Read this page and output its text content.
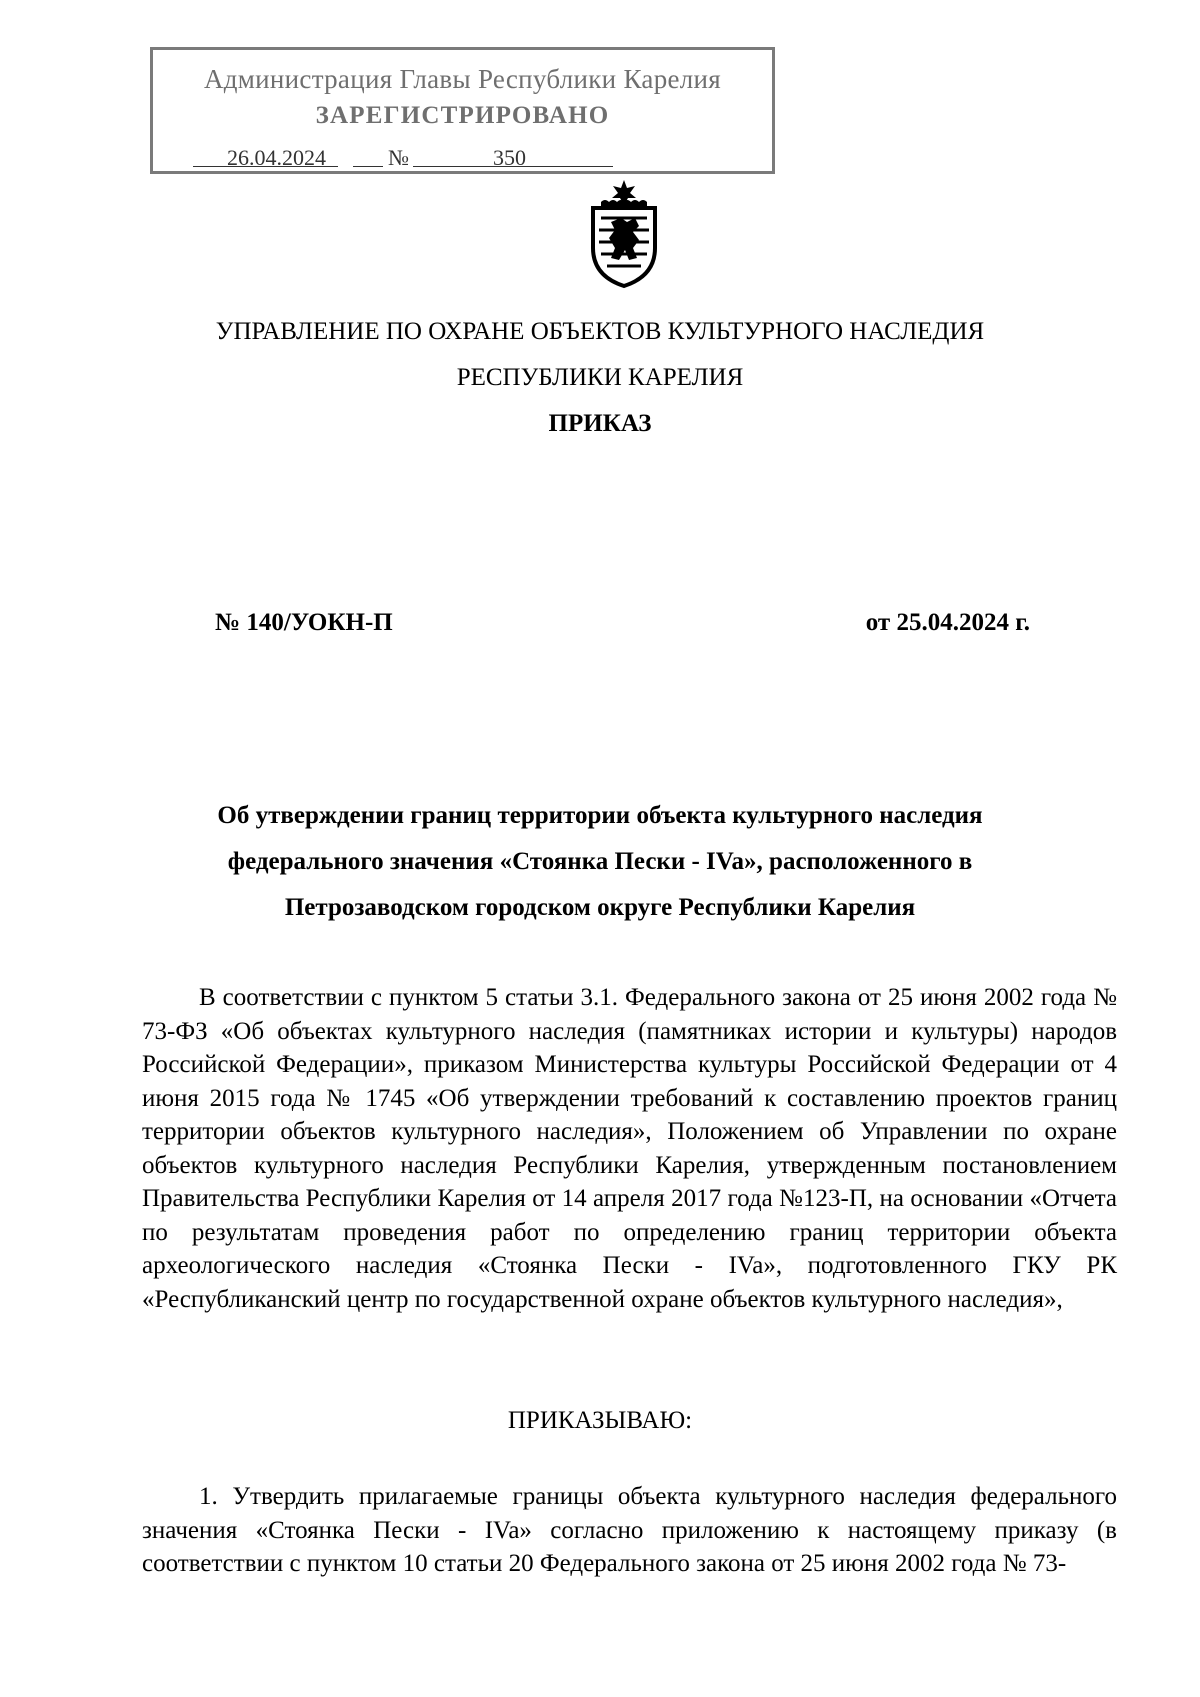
Администрация Главы Республики Карелия
ЗАРЕГИСТРИРОВАНО
26.04.2024	№	350
УПРАВЛЕНИЕ ПО ОХРАНЕ ОБЪЕКТОВ КУЛЬТУРНОГО НАСЛЕДИЯ
РЕСПУБЛИКИ КАРЕЛИЯ
ПРИКАЗ
№ 140/УОКН-П	от 25.04.2024 г.
Об утверждении границ территории объекта культурного наследия федерального значения «Стоянка Пески - IVa», расположенного в Петрозаводском городском округе Республики Карелия
В соответствии с пунктом 5 статьи 3.1. Федерального закона от 25 июня 2002 года № 73-ФЗ «Об объектах культурного наследия (памятниках истории и культуры) народов Российской Федерации», приказом Министерства культуры Российской Федерации от 4 июня 2015 года № 1745 «Об утверждении требований к составлению проектов границ территории объектов культурного наследия», Положением об Управлении по охране объектов культурного наследия Республики Карелия, утвержденным постановлением Правительства Республики Карелия от 14 апреля 2017 года №123-П, на основании «Отчета по результатам проведения работ по определению границ территории объекта археологического наследия «Стоянка Пески - IVa», подготовленного ГКУ РК «Республиканский центр по государственной охране объектов культурного наследия»,
ПРИКАЗЫВАЮ:
1. Утвердить прилагаемые границы объекта культурного наследия федерального значения «Стоянка Пески - IVa» согласно приложению к настоящему приказу (в соответствии с пунктом 10 статьи 20 Федерального закона от 25 июня 2002 года № 73-
